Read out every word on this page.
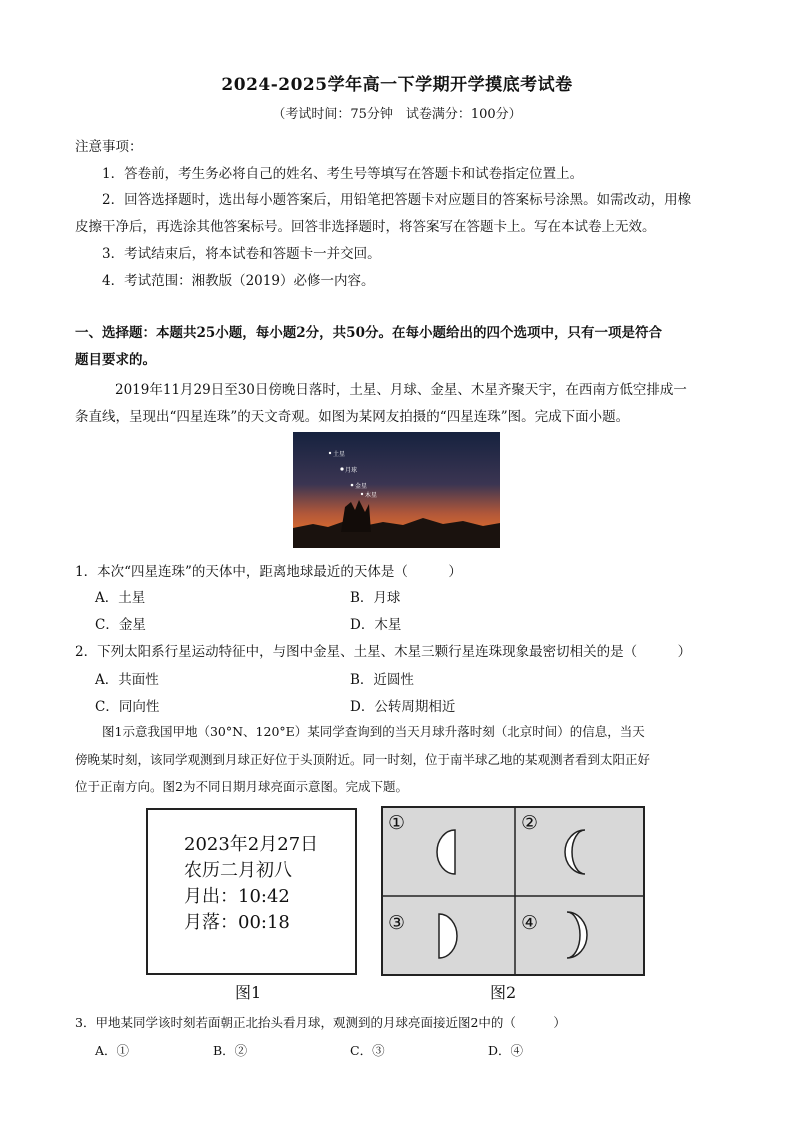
2024-2025学年高一下学期开学摸底考试卷
（考试时间：75分钟　试卷满分：100分）
注意事项：
1．答卷前，考生务必将自己的姓名、考生号等填写在答题卡和试卷指定位置上。
2．回答选择题时，选出每小题答案后，用铅笔把答题卡对应题目的答案标号涂黑。如需改动，用橡
皮擦干净后，再选涂其他答案标号。回答非选择题时，将答案写在答题卡上。写在本试卷上无效。
3．考试结束后，将本试卷和答题卡一并交回。
4．考试范围：湘教版（2019）必修一内容。
一、选择题：本题共25小题，每小题2分，共50分。在每小题给出的四个选项中，只有一项是符合
题目要求的。
2019年11月29日至30日傍晚日落时，土星、月球、金星、木星齐聚天宇，在西南方低空排成一
条直线，呈现出“四星连珠”的天文奇观。如图为某网友拍摄的“四星连珠”图。完成下面小题。
土星
月球
金星
木星
1．本次“四星连珠”的天体中，距离地球最近的天体是（　　　）
A．土星	B．月球
C．金星	D．木星
2．下列太阳系行星运动特征中，与图中金星、土星、木星三颗行星连珠现象最密切相关的是（　　　）
A．共面性	B．近圆性
C．同向性	D．公转周期相近
图1示意我国甲地（30°N、120°E）某同学查询到的当天月球升落时刻（北京时间）的信息，当天
傍晚某时刻，该同学观测到月球正好位于头顶附近。同一时刻，位于南半球乙地的某观测者看到太阳正好
位于正南方向。图2为不同日期月球亮面示意图。完成下题。
2023年2月27日
农历二月初八
月出：10:42
月落：00:18
图1
①	②
③	④
图2
3．甲地某同学该时刻若面朝正北抬头看月球，观测到的月球亮面接近图2中的（　　　）
A．①	B．②	C．③	D．④
